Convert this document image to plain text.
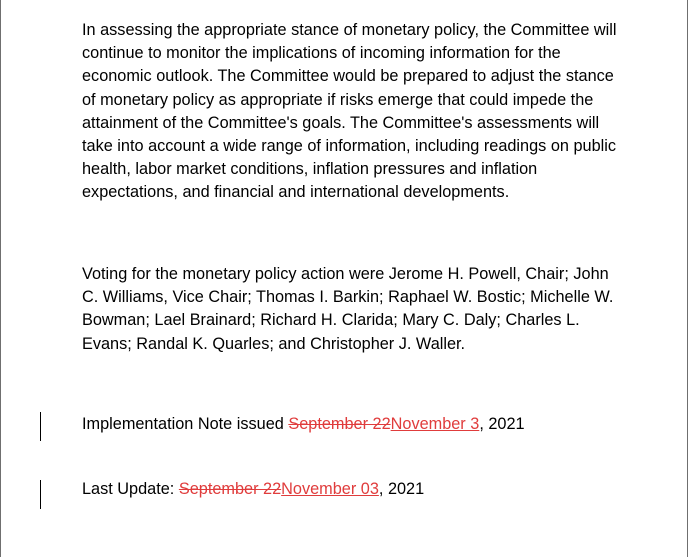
In assessing the appropriate stance of monetary policy, the Committee will continue to monitor the implications of incoming information for the economic outlook. The Committee would be prepared to adjust the stance of monetary policy as appropriate if risks emerge that could impede the attainment of the Committee's goals. The Committee's assessments will take into account a wide range of information, including readings on public health, labor market conditions, inflation pressures and inflation expectations, and financial and international developments.

Voting for the monetary policy action were Jerome H. Powell, Chair; John C. Williams, Vice Chair; Thomas I. Barkin; Raphael W. Bostic; Michelle W. Bowman; Lael Brainard; Richard H. Clarida; Mary C. Daly; Charles L. Evans; Randal K. Quarles; and Christopher J. Waller.

Implementation Note issued September 22November 3, 2021

Last Update: September 22November 03, 2021
